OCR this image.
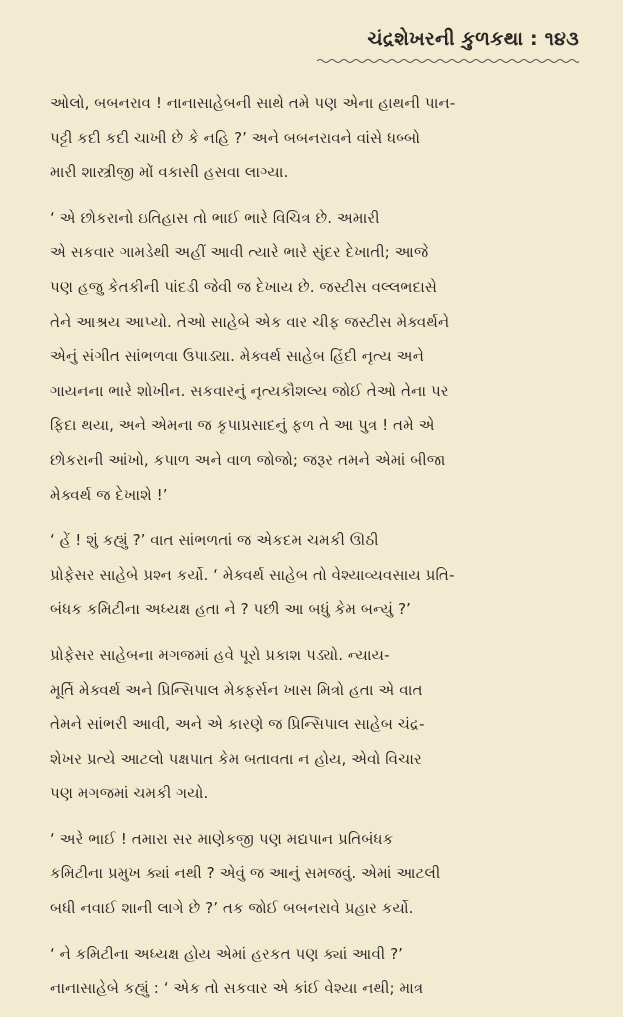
ચંદ્રશેખરની કુળકથા : ૧૪૩

ઓલો, બબનરાવ ! નાનાસાહેબની સાથે તમે પણ એના હાથની પાન-
પટ્ટી કદી કદી ચાખી છે કે નહિ ?’ અને બબનરાવને વાંસે ધબ્બો
મારી શાસ્ત્રીજી મોં વકાસી હસવા લાગ્યા.

‘ એ છોકરાનો ઇતિહાસ તો ભાઈ ભારે વિચિત્ર છે. અમારી
એ સકવાર ગામડેથી અહીં આવી ત્યારે ભારે સુંદર દેખાતી; આજે
પણ હજુ કેતકીની પાંદડી જેવી જ દેખાય છે. જસ્ટીસ વલ્લભદાસે
તેને આશ્રય આપ્યો. તેઓ સાહેબે એક વાર ચીફ જસ્ટીસ મેક્વર્થને
એનું સંગીત સાંભળવા ઉપાડ્યા. મેક્વર્થ સાહેબ હિંદી નૃત્ય અને
ગાયનના ભારે શોખીન. સકવારનું નૃત્યકૌશલ્ય જોઈ તેઓ તેના પર
ફિદા થયા, અને એમના જ કૃપાપ્રસાદનું ફળ તે આ પુત્ર ! તમે એ
છોકરાની આંખો, કપાળ અને વાળ જોજો; જરૂર તમને એમાં બીજા
મેક્વર્થ જ દેખાશે !’

‘ હેં ! શું કહ્યું ?’ વાત સાંભળતાં જ એકદમ ચમકી ઊઠી
પ્રોફેસર સાહેબે પ્રશ્ન કર્યો. ‘ મેક્વર્થ સાહેબ તો વેશ્યાવ્યવસાય પ્રતિ-
બંધક કમિટીના અધ્યક્ષ હતા ને ? પછી આ બધું કેમ બન્યું ?’

પ્રોફેસર સાહેબના મગજમાં હવે પૂરો પ્રકાશ પડ્યો. ન્યાય-
મૂર્તિ મેક્વર્થ અને પ્રિન્સિપાલ મેક્ફર્સન ખાસ મિત્રો હતા એ વાત
તેમને સાંભરી આવી, અને એ કારણે જ પ્રિન્સિપાલ સાહેબ ચંદ્ર-
શેખર પ્રત્યે આટલો પક્ષપાત કેમ બતાવતા ન હોય, એવો વિચાર
પણ મગજમાં ચમકી ગયો.

‘ અરે ભાઈ ! તમારા સર માણેકજી પણ મદ્યપાન પ્રતિબંધક
કમિટીના પ્રમુખ ક્યાં નથી ? એવું જ આનું સમજવું. એમાં આટલી
બધી નવાઈ શાની લાગે છે ?’ તક જોઈ બબનરાવે પ્રહાર કર્યો.

‘ ને કમિટીના અધ્યક્ષ હોય એમાં હરકત પણ ક્યાં આવી ?’
નાનાસાહેબે કહ્યું : ‘ એક તો સકવાર એ કાંઈ વેશ્યા નથી; માત્ર
